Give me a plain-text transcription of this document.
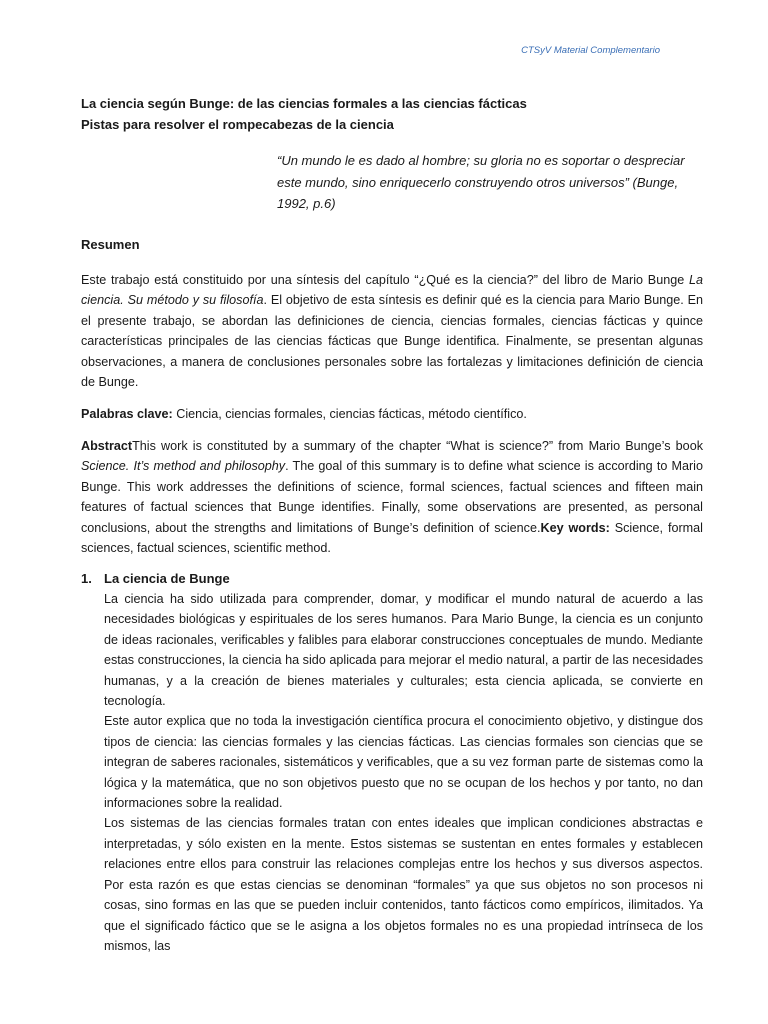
CTSyV Material Complementario
La ciencia según Bunge: de las ciencias formales a las ciencias fácticas
Pistas para resolver el rompecabezas de la ciencia
“Un mundo le es dado al hombre; su gloria no es soportar o despreciar este mundo, sino enriquecerlo construyendo otros universos” (Bunge, 1992, p.6)
Resumen
Este trabajo está constituido por una síntesis del capítulo “¿Qué es la ciencia?” del libro de Mario Bunge La ciencia. Su método y su filosofía. El objetivo de esta síntesis es definir qué es la ciencia para Mario Bunge. En el presente trabajo, se abordan las definiciones de ciencia, ciencias formales, ciencias fácticas y quince características principales de las ciencias fácticas que Bunge identifica. Finalmente, se presentan algunas observaciones, a manera de conclusiones personales sobre las fortalezas y limitaciones definición de ciencia de Bunge.
Palabras clave: Ciencia, ciencias formales, ciencias fácticas, método científico.
AbstractThis work is constituted by a summary of the chapter “What is science?” from Mario Bunge’s book Science. It’s method and philosophy. The goal of this summary is to define what science is according to Mario Bunge. This work addresses the definitions of science, formal sciences, factual sciences and fifteen main features of factual sciences that Bunge identifies. Finally, some observations are presented, as personal conclusions, about the strengths and limitations of Bunge’s definition of science.Key words: Science, formal sciences, factual sciences, scientific method.
1. La ciencia de Bunge

La ciencia ha sido utilizada para comprender, domar, y modificar el mundo natural de acuerdo a las necesidades biológicas y espirituales de los seres humanos. Para Mario Bunge, la ciencia es un conjunto de ideas racionales, verificables y falibles para elaborar construcciones conceptuales de mundo. Mediante estas construcciones, la ciencia ha sido aplicada para mejorar el medio natural, a partir de las necesidades humanas, y a la creación de bienes materiales y culturales; esta ciencia aplicada, se convierte en tecnología.

Este autor explica que no toda la investigación científica procura el conocimiento objetivo, y distingue dos tipos de ciencia: las ciencias formales y las ciencias fácticas. Las ciencias formales son ciencias que se integran de saberes racionales, sistemáticos y verificables, que a su vez forman parte de sistemas como la lógica y la matemática, que no son objetivos puesto que no se ocupan de los hechos y por tanto, no dan informaciones sobre la realidad.

Los sistemas de las ciencias formales tratan con entes ideales que implican condiciones abstractas e interpretadas, y sólo existen en la mente. Estos sistemas se sustentan en entes formales y establecen relaciones entre ellos para construir las relaciones complejas entre los hechos y sus diversos aspectos. Por esta razón es que estas ciencias se denominan “formales” ya que sus objetos no son procesos ni cosas, sino formas en las que se pueden incluir contenidos, tanto fácticos como empíricos, ilimitados. Ya que el significado fáctico que se le asigna a los objetos formales no es una propiedad intrínseca de los mismos, las
